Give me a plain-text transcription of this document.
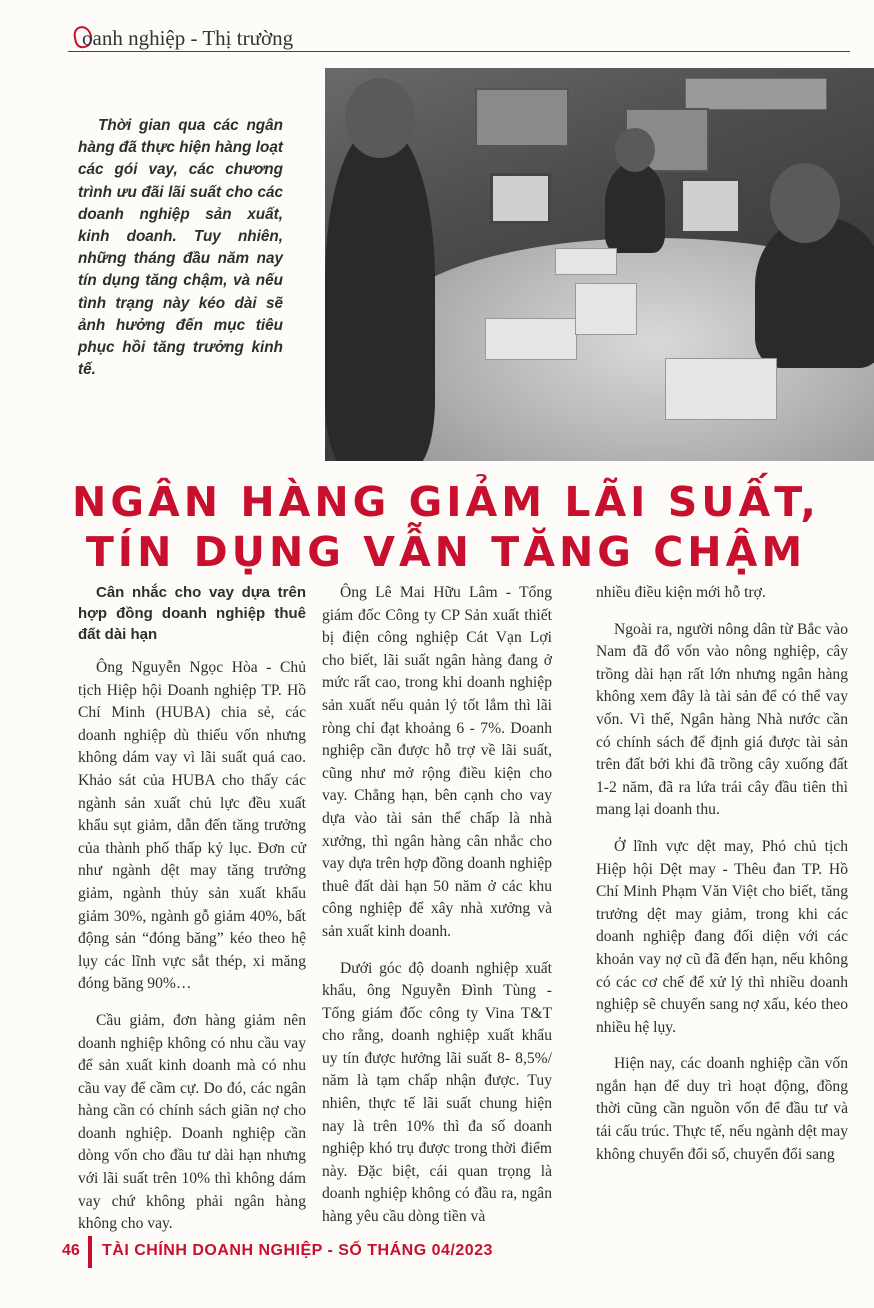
oanh nghiệp - Thị trường
Thời gian qua các ngân hàng đã thực hiện hàng loạt các gói vay, các chương trình ưu đãi lãi suất cho các doanh nghiệp sản xuất, kinh doanh. Tuy nhiên, những tháng đầu năm nay tín dụng tăng chậm, và nếu tình trạng này kéo dài sẽ ảnh hưởng đến mục tiêu phục hồi tăng trưởng kinh tế.
NGÂN HÀNG GIẢM LÃI SUẤT,
TÍN DỤNG VẪN TĂNG CHẬM

Cân nhắc cho vay dựa trên hợp đồng doanh nghiệp thuê đất dài hạn

Ông Nguyễn Ngọc Hòa - Chủ tịch Hiệp hội Doanh nghiệp TP. Hồ Chí Minh (HUBA) chia sẻ, các doanh nghiệp dù thiếu vốn nhưng không dám vay vì lãi suất quá cao. Khảo sát của HUBA cho thấy các ngành sản xuất chủ lực đều xuất khẩu sụt giảm, dẫn đến tăng trưởng của thành phố thấp kỷ lục. Đơn cử như ngành dệt may tăng trưởng giảm, ngành thủy sản xuất khẩu giảm 30%, ngành gỗ giảm 40%, bất động sản “đóng băng” kéo theo hệ lụy các lĩnh vực sắt thép, xi măng đóng băng 90%…

Cầu giảm, đơn hàng giảm nên doanh nghiệp không có nhu cầu vay để sản xuất kinh doanh mà có nhu cầu vay để cầm cự. Do đó, các ngân hàng cần có chính sách giãn nợ cho doanh nghiệp. Doanh nghiệp cần dòng vốn cho đầu tư dài hạn nhưng với lãi suất trên 10% thì không dám vay chứ không phải ngân hàng không cho vay.

Ông Lê Mai Hữu Lâm - Tổng giám đốc Công ty CP Sản xuất thiết bị điện công nghiệp Cát Vạn Lợi cho biết, lãi suất ngân hàng đang ở mức rất cao, trong khi doanh nghiệp sản xuất nếu quản lý tốt lắm thì lãi ròng chỉ đạt khoảng 6 - 7%. Doanh nghiệp cần được hỗ trợ về lãi suất, cũng như mở rộng điều kiện cho vay. Chẳng hạn, bên cạnh cho vay dựa vào tài sản thế chấp là nhà xưởng, thì ngân hàng cân nhắc cho vay dựa trên hợp đồng doanh nghiệp thuê đất dài hạn 50 năm ở các khu công nghiệp để xây nhà xưởng và sản xuất kinh doanh.

Dưới góc độ doanh nghiệp xuất khẩu, ông Nguyễn Đình Tùng - Tổng giám đốc công ty Vina T&T cho rằng, doanh nghiệp xuất khẩu uy tín được hưởng lãi suất 8- 8,5%/ năm là tạm chấp nhận được. Tuy nhiên, thực tế lãi suất chung hiện nay là trên 10% thì đa số doanh nghiệp khó trụ được trong thời điểm này. Đặc biệt, cái quan trọng là doanh nghiệp không có đầu ra, ngân hàng yêu cầu dòng tiền và

nhiều điều kiện mới hỗ trợ.

Ngoài ra, người nông dân từ Bắc vào Nam đã đổ vốn vào nông nghiệp, cây trồng dài hạn rất lớn nhưng ngân hàng không xem đây là tài sản để có thể vay vốn. Vì thế, Ngân hàng Nhà nước cần có chính sách để định giá được tài sản trên đất bởi khi đã trồng cây xuống đất 1-2 năm, đã ra lứa trái cây đầu tiên thì mang lại doanh thu.

Ở lĩnh vực dệt may, Phó chủ tịch Hiệp hội Dệt may - Thêu đan TP. Hồ Chí Minh Phạm Văn Việt cho biết, tăng trưởng dệt may giảm, trong khi các doanh nghiệp đang đối diện với các khoản vay nợ cũ đã đến hạn, nếu không có các cơ chế để xử lý thì nhiều doanh nghiệp sẽ chuyển sang nợ xấu, kéo theo nhiều hệ lụy.

Hiện nay, các doanh nghiệp cần vốn ngắn hạn để duy trì hoạt động, đồng thời cũng cần nguồn vốn để đầu tư và tái cấu trúc. Thực tế, nếu ngành dệt may không chuyển đổi số, chuyển đổi sang

46 TÀI CHÍNH DOANH NGHIỆP - SỐ THÁNG 04/2023
